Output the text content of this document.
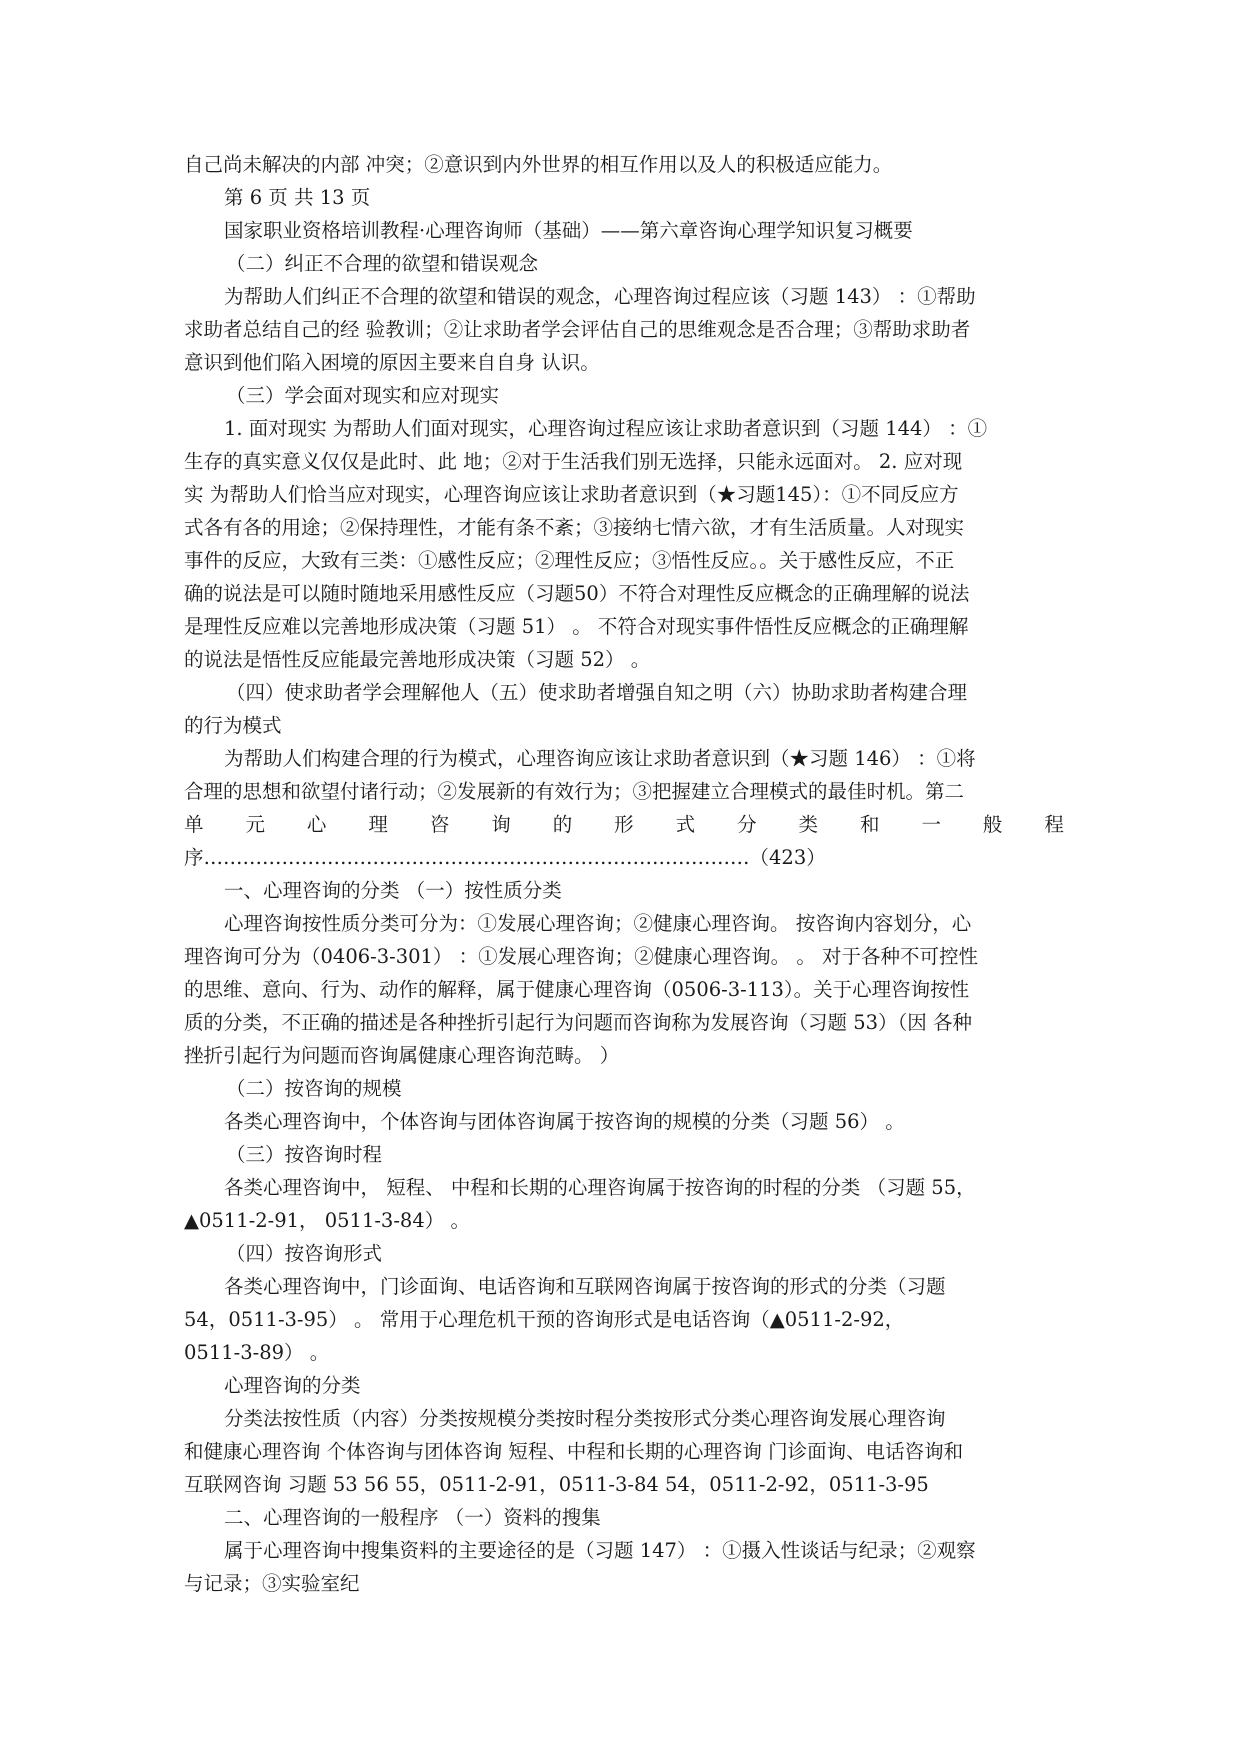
自己尚未解决的内部 冲突；②意识到内外世界的相互作用以及人的积极适应能力。

第 6 页 共 13 页

国家职业资格培训教程·心理咨询师（基础）——第六章咨询心理学知识复习概要

（二）纠正不合理的欲望和错误观念

为帮助人们纠正不合理的欲望和错误的观念，心理咨询过程应该（习题 143） ：①帮助

求助者总结自己的经 验教训；②让求助者学会评估自己的思维观念是否合理；③帮助求助者

意识到他们陷入困境的原因主要来自自身 认识。

（三）学会面对现实和应对现实

1. 面对现实 为帮助人们面对现实，心理咨询过程应该让求助者意识到（习题 144） ：①

生存的真实意义仅仅是此时、此 地；②对于生活我们别无选择，只能永远面对。 2. 应对现

实 为帮助人们恰当应对现实，心理咨询应该让求助者意识到（★习题145）：①不同反应方

式各有各的用途；②保持理性，才能有条不紊；③接纳七情六欲，才有生活质量。人对现实

事件的反应，大致有三类：①感性反应；②理性反应；③悟性反应。。关于感性反应，不正

确的说法是可以随时随地采用感性反应（习题50）不符合对理性反应概念的正确理解的说法

是理性反应难以完善地形成决策（习题 51） 。 不符合对现实事件悟性反应概念的正确理解

的说法是悟性反应能最完善地形成决策（习题 52） 。

（四）使求助者学会理解他人（五）使求助者增强自知之明（六）协助求助者构建合理

的行为模式

为帮助人们构建合理的行为模式，心理咨询应该让求助者意识到（★习题 146） ：①将

合理的思想和欲望付诸行动；②发展新的有效行为；③把握建立合理模式的最佳时机。第二

单 元 心 理 咨 询 的 形 式 分 类 和 一 般 程

序…………………………………………………………………………（423）

一、心理咨询的分类 （一）按性质分类

心理咨询按性质分类可分为：①发展心理咨询；②健康心理咨询。 按咨询内容划分，心

理咨询可分为（0406-3-301） ：①发展心理咨询；②健康心理咨询。 。 对于各种不可控性

的思维、意向、行为、动作的解释，属于健康心理咨询（0506-3-113）。关于心理咨询按性

质的分类，不正确的描述是各种挫折引起行为问题而咨询称为发展咨询（习题 53）（因 各种

挫折引起行为问题而咨询属健康心理咨询范畴。 ）

（二）按咨询的规模

各类心理咨询中，个体咨询与团体咨询属于按咨询的规模的分类（习题 56） 。

（三）按咨询时程

各类心理咨询中， 短程、 中程和长期的心理咨询属于按咨询的时程的分类 （习题 55，

▲0511-2-91， 0511-3-84） 。

（四）按咨询形式

各类心理咨询中，门诊面询、电话咨询和互联网咨询属于按咨询的形式的分类（习题

54，0511-3-95） 。 常用于心理危机干预的咨询形式是电话咨询（▲0511-2-92，

0511-3-89） 。

心理咨询的分类

分类法按性质（内容）分类按规模分类按时程分类按形式分类心理咨询发展心理咨询

和健康心理咨询 个体咨询与团体咨询 短程、中程和长期的心理咨询 门诊面询、电话咨询和

互联网咨询 习题 53 56 55，0511-2-91，0511-3-84 54，0511-2-92，0511-3-95

二、心理咨询的一般程序 （一）资料的搜集

属于心理咨询中搜集资料的主要途径的是（习题 147） ：①摄入性谈话与纪录；②观察

与记录；③实验室纪
